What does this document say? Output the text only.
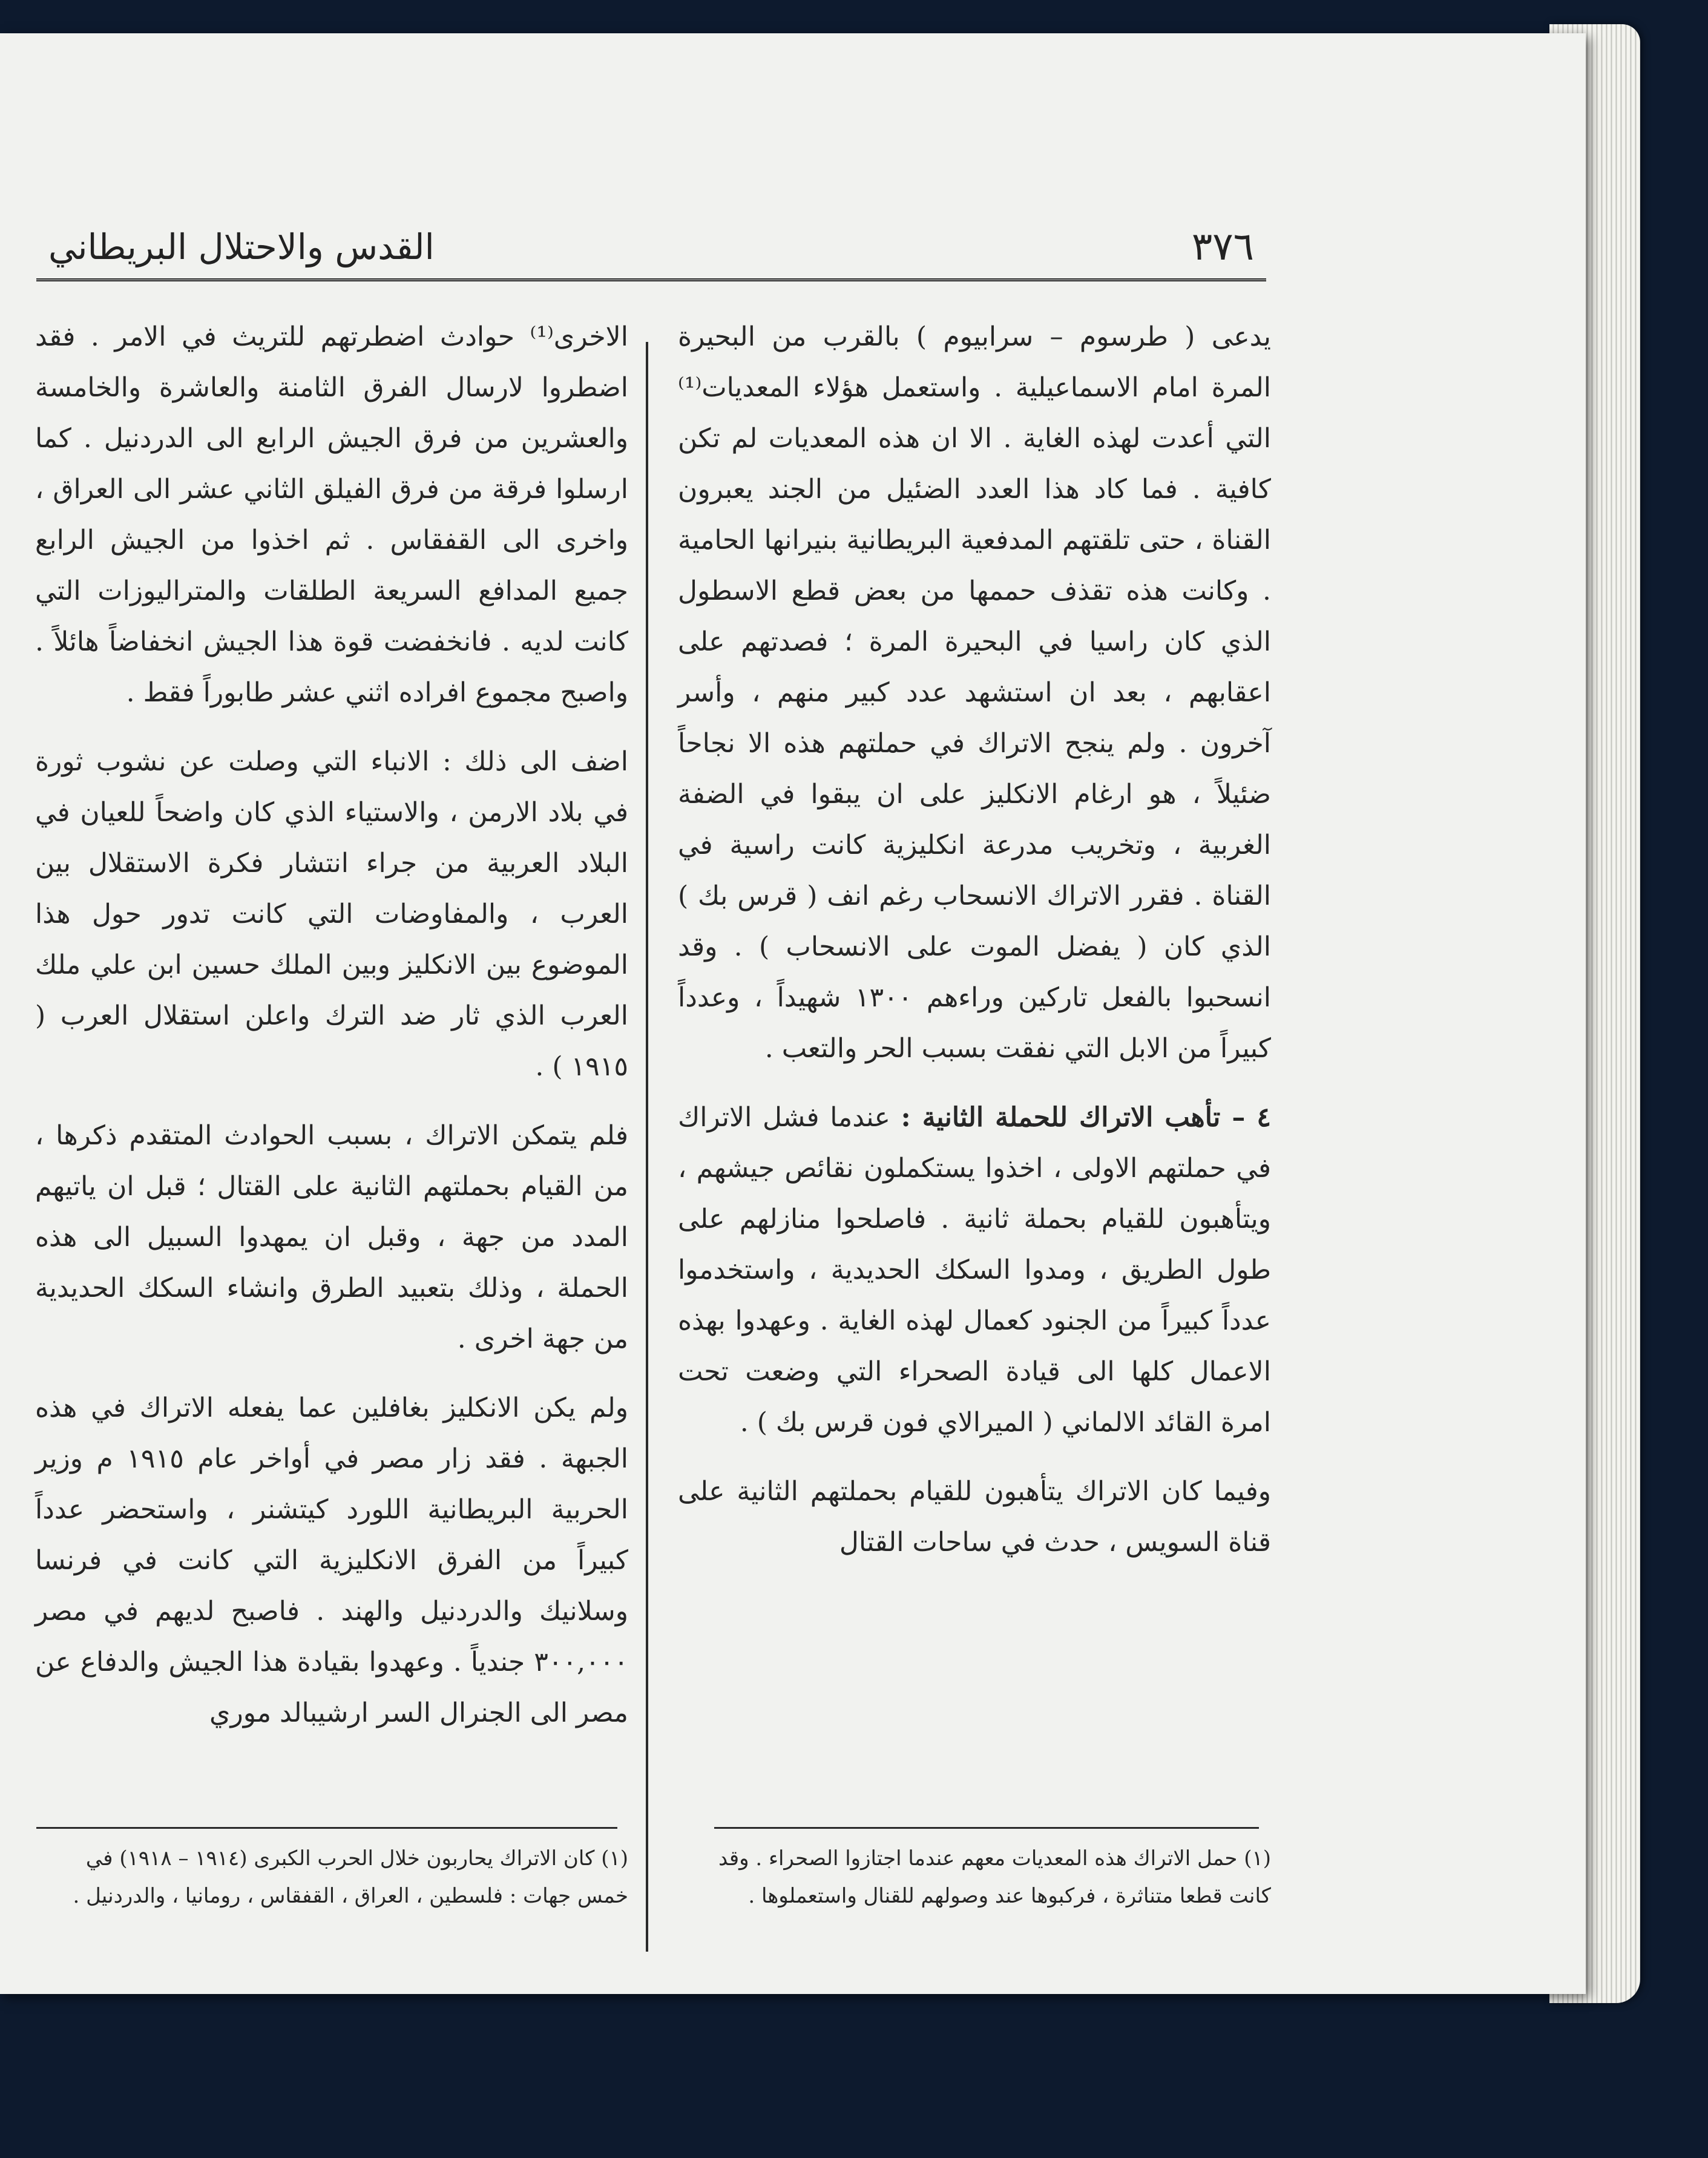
القدس والاحتلال البريطاني	٣٧٦

يدعى ( طرسوم – سرابيوم ) بالقرب من البحيرة المرة امام الاسماعيلية . واستعمل هؤلاء المعديات⁽¹⁾ التي أعدت لهذه الغاية . الا ان هذه المعديات لم تكن كافية . فما كاد هذا العدد الضئيل من الجند يعبرون القناة ، حتى تلقتهم المدفعية البريطانية بنيرانها الحامية . وكانت هذه تقذف حممها من بعض قطع الاسطول الذي كان راسيا في البحيرة المرة ؛ فصدتهم على اعقابهم ، بعد ان استشهد عدد كبير منهم ، وأسر آخرون . ولم ينجح الاتراك في حملتهم هذه الا نجاحاً ضئيلاً ، هو ارغام الانكليز على ان يبقوا في الضفة الغربية ، وتخريب مدرعة انكليزية كانت راسية في القناة . فقرر الاتراك الانسحاب رغم انف ( قرس بك ) الذي كان ( يفضل الموت على الانسحاب ) . وقد انسحبوا بالفعل تاركين وراءهم ١٣٠٠ شهيداً ، وعدداً كبيراً من الابل التي نفقت بسبب الحر والتعب .

٤ – تأهب الاتراك للحملة الثانية : عندما فشل الاتراك في حملتهم الاولى ، اخذوا يستكملون نقائص جيشهم ، ويتأهبون للقيام بحملة ثانية . فاصلحوا منازلهم على طول الطريق ، ومدوا السكك الحديدية ، واستخدموا عدداً كبيراً من الجنود كعمال لهذه الغاية . وعهدوا بهذه الاعمال كلها الى قيادة الصحراء التي وضعت تحت امرة القائد الالماني ( الميرالاي فون قرس بك ) .

وفيما كان الاتراك يتأهبون للقيام بحملتهم الثانية على قناة السويس ، حدث في ساحات القتال

الاخرى⁽¹⁾ حوادث اضطرتهم للتريث في الامر . فقد اضطروا لارسال الفرق الثامنة والعاشرة والخامسة والعشرين من فرق الجيش الرابع الى الدردنيل . كما ارسلوا فرقة من فرق الفيلق الثاني عشر الى العراق ، واخرى الى القفقاس . ثم اخذوا من الجيش الرابع جميع المدافع السريعة الطلقات والمتراليوزات التي كانت لديه . فانخفضت قوة هذا الجيش انخفاضاً هائلاً . واصبح مجموع افراده اثني عشر طابوراً فقط .

اضف الى ذلك : الانباء التي وصلت عن نشوب ثورة في بلاد الارمن ، والاستياء الذي كان واضحاً للعيان في البلاد العربية من جراء انتشار فكرة الاستقلال بين العرب ، والمفاوضات التي كانت تدور حول هذا الموضوع بين الانكليز وبين الملك حسين ابن علي ملك العرب الذي ثار ضد الترك واعلن استقلال العرب ( ١٩١٥ ) .

فلم يتمكن الاتراك ، بسبب الحوادث المتقدم ذكرها ، من القيام بحملتهم الثانية على القتال ؛ قبل ان ياتيهم المدد من جهة ، وقبل ان يمهدوا السبيل الى هذه الحملة ، وذلك بتعبيد الطرق وانشاء السكك الحديدية من جهة اخرى .

ولم يكن الانكليز بغافلين عما يفعله الاتراك في هذه الجبهة . فقد زار مصر في أواخر عام ١٩١٥ م وزير الحربية البريطانية اللورد كيتشنر ، واستحضر عدداً كبيراً من الفرق الانكليزية التي كانت في فرنسا وسلانيك والدردنيل والهند . فاصبح لديهم في مصر ٣٠٠,٠٠٠ جندياً . وعهدوا بقيادة هذا الجيش والدفاع عن مصر الى الجنرال السر ارشيبالد موري

(١) حمل الاتراك هذه المعديات معهم عندما اجتازوا الصحراء . وقد كانت قطعا متناثرة ، فركبوها عند وصولهم للقنال واستعملوها .
(١) كان الاتراك يحاربون خلال الحرب الكبرى (١٩١٤ – ١٩١٨) في خمس جهات : فلسطين ، العراق ، القفقاس ، رومانيا ، والدردنيل .
